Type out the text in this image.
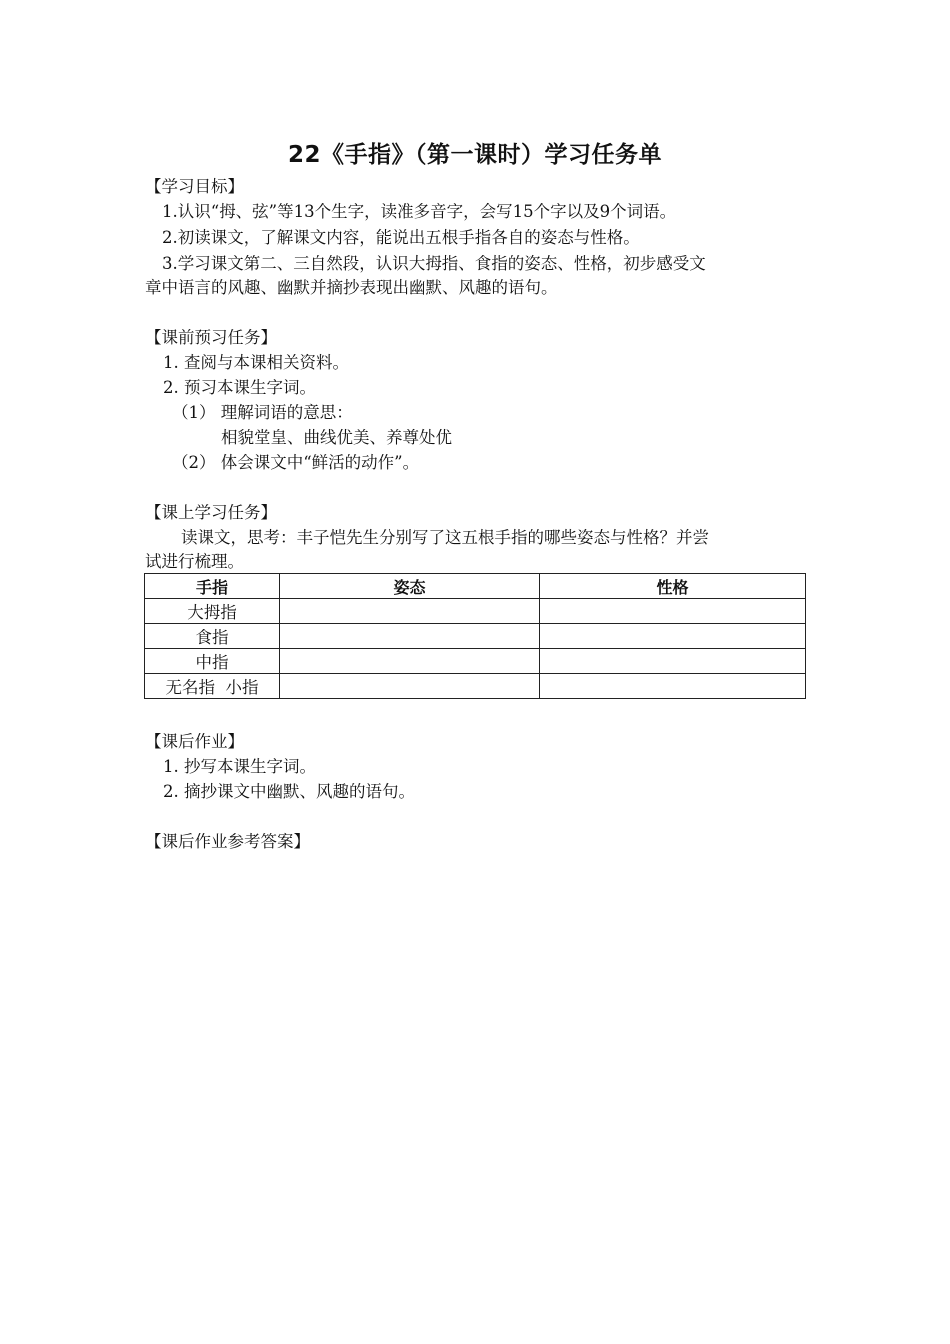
22《手指》（第一课时）学习任务单
【学习目标】
1.认识“拇、弦”等13个生字，读准多音字，会写15个字以及9个词语。
2.初读课文，了解课文内容，能说出五根手指各自的姿态与性格。
3.学习课文第二、三自然段，认识大拇指、食指的姿态、性格，初步感受文
章中语言的风趣、幽默并摘抄表现出幽默、风趣的语句。
【课前预习任务】
1. 查阅与本课相关资料。
2. 预习本课生字词。
（1） 理解词语的意思：
相貌堂皇、曲线优美、养尊处优
（2） 体会课文中“鲜活的动作”。
【课上学习任务】
读课文，思考：丰子恺先生分别写了这五根手指的哪些姿态与性格？并尝
试进行梳理。
手指	姿态	性格
大拇指		
食指		
中指		
无名指  小指		
【课后作业】
1. 抄写本课生字词。
2. 摘抄课文中幽默、风趣的语句。
【课后作业参考答案】
